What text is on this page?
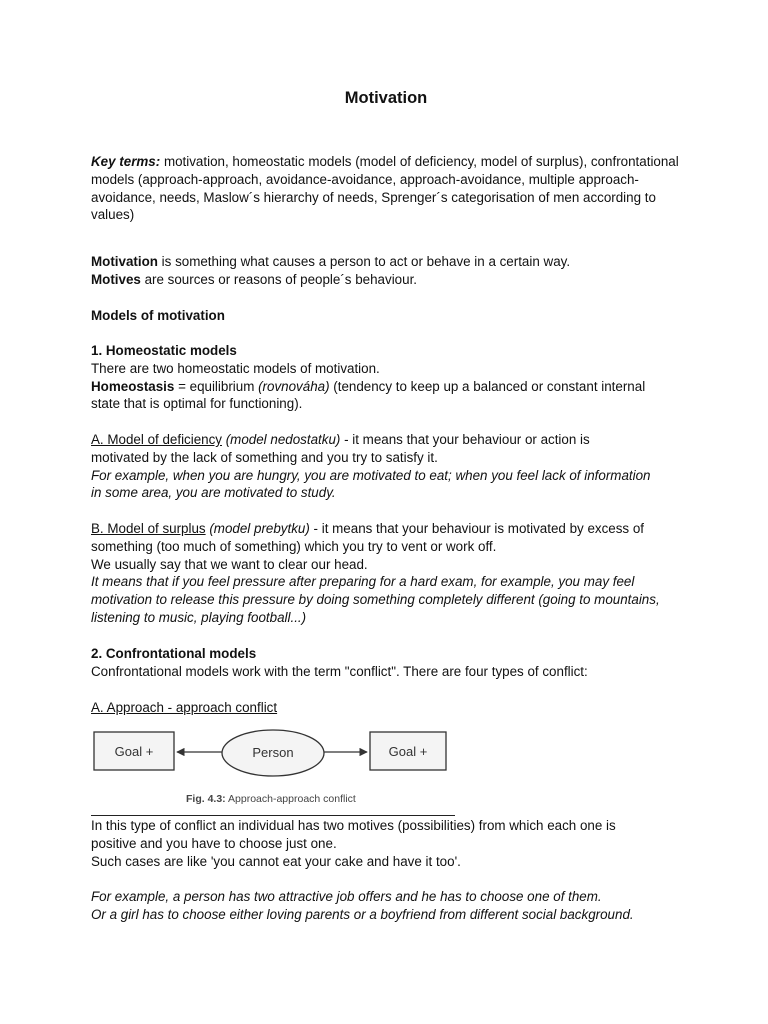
Motivation

Key terms: motivation, homeostatic models (model of deficiency, model of surplus), confrontational models (approach-approach, avoidance-avoidance, approach-avoidance, multiple approach-avoidance, needs, Maslow´s hierarchy of needs, Sprenger´s categorisation of men according to values)

Motivation is something what causes a person to act or behave in a certain way.

Motives are sources or reasons of people´s behaviour.

Models of motivation

1. Homeostatic models

There are two homeostatic models of motivation.

Homeostasis = equilibrium (rovnováha) (tendency to keep up a balanced or constant internal state that is optimal for functioning).

A. Model of deficiency (model nedostatku) - it means that your behaviour or action is motivated by the lack of something and you try to satisfy it.

For example, when you are hungry, you are motivated to eat; when you feel lack of information in some area, you are motivated to study.

B. Model of surplus (model prebytku) - it means that your behaviour is motivated by excess of something (too much of something) which you try to vent or work off.

We usually say that we want to clear our head.

It means that if you feel pressure after preparing for a hard exam, for example, you may feel motivation to release this pressure by doing something completely different (going to mountains, listening to music, playing football...)

2. Confrontational models

Confrontational models work with the term "conflict". There are four types of conflict:

A. Approach - approach conflict

Goal +	Person	Goal +
Fig. 4.3: Approach-approach conflict

In this type of conflict an individual has two motives (possibilities) from which each one is positive and you have to choose just one.

Such cases are like 'you cannot eat your cake and have it too'.

For example, a person has two attractive job offers and he has to choose one of them.

Or a girl has to choose either loving parents or a boyfriend from different social background.
